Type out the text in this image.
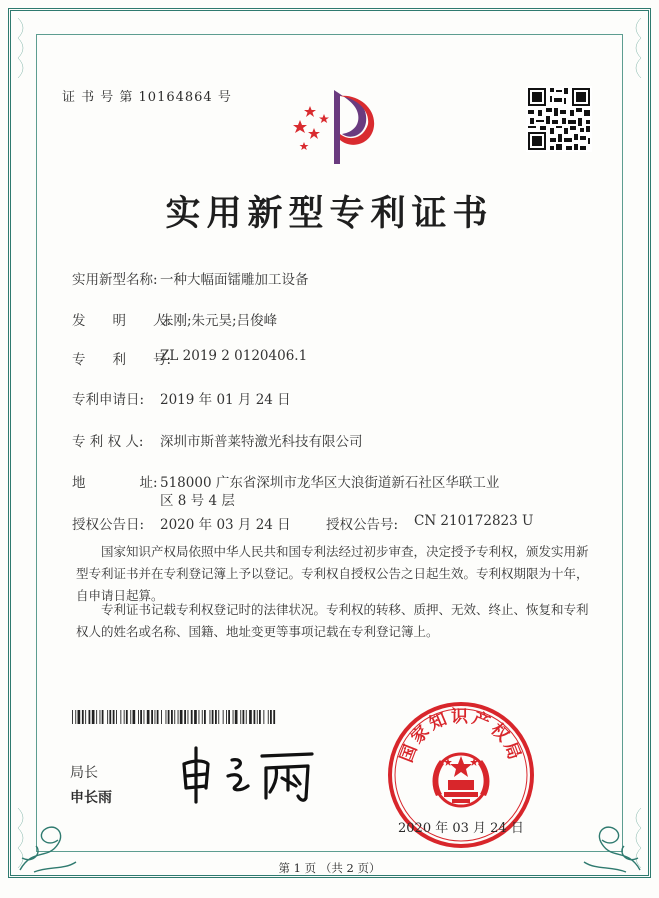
证 书 号 第 10164864 号
实用新型专利证书
实用新型名称: 一种大幅面镭雕加工设备
发　　明　　人:
朱刚;朱元昊;吕俊峰
专　　利　　号:
ZL 2019 2 0120406.1
专利申请日: 2019 年 01 月 24 日
专 利 权 人: 深圳市斯普莱特激光科技有限公司
地　　　　址: 518000 广东省深圳市龙华区大浪街道新石社区华联工业
区 8 号 4 层
授权公告日: 2020 年 03 月 24 日	授权公告号: CN 210172823 U
　　国家知识产权局依照中华人民共和国专利法经过初步审查，决定授予专利权，颁发实用新型专利证书并在专利登记簿上予以登记。专利权自授权公告之日起生效。专利权期限为十年，自申请日起算。
　　专利证书记载专利权登记时的法律状况。专利权的转移、质押、无效、终止、恢复和专利权人的姓名或名称、国籍、地址变更等事项记载在专利登记簿上。
局长
申长雨
国家知识产权局
2020 年 03 月 24 日
第 1 页 （共 2 页）
